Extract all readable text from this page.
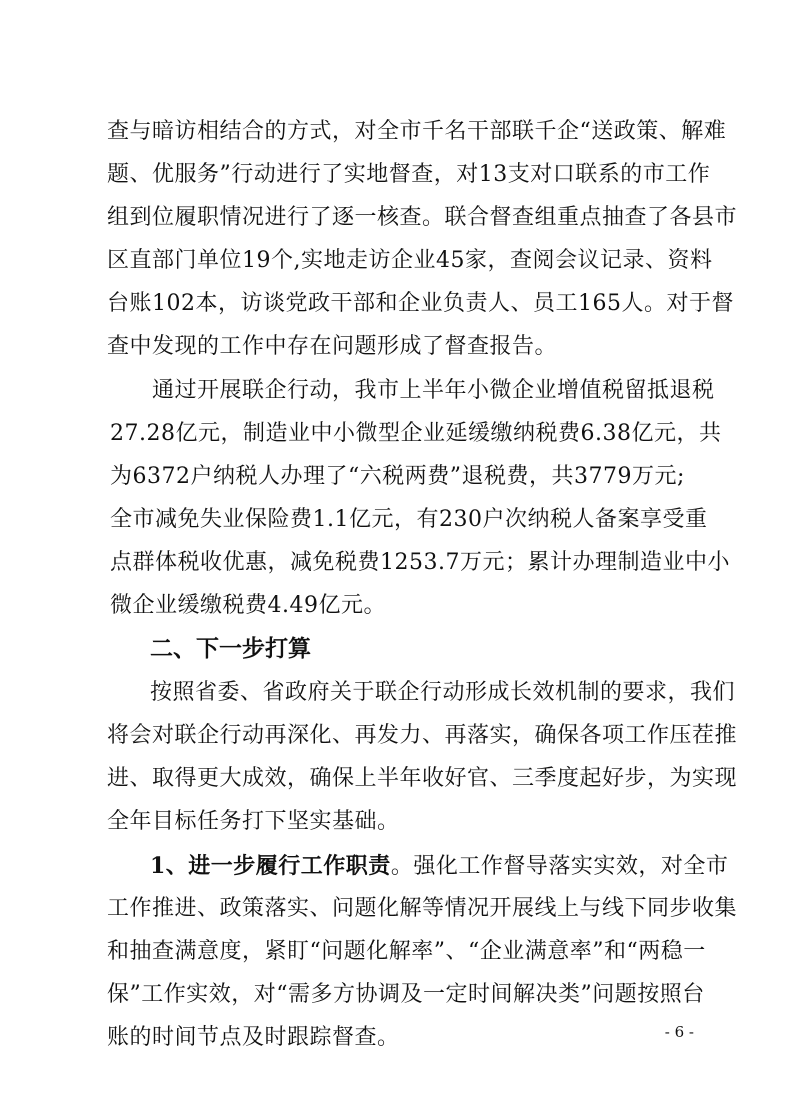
查与暗访相结合的方式，对全市千名干部联千企“送政策、解难
题、优服务”行动进行了实地督查，对13支对口联系的市工作
组到位履职情况进行了逐一核查。联合督查组重点抽查了各县市
区直部门单位19个,实地走访企业45家，查阅会议记录、资料
台账102本，访谈党政干部和企业负责人、员工165人。对于督
查中发现的工作中存在问题形成了督查报告。
通过开展联企行动，我市上半年小微企业增值税留抵退税
27.28亿元，制造业中小微型企业延缓缴纳税费6.38亿元，共
为6372户纳税人办理了“六税两费”退税费，共3779万元;
全市减免失业保险费1.1亿元，有230户次纳税人备案享受重
点群体税收优惠，减免税费1253.7万元；累计办理制造业中小
微企业缓缴税费4.49亿元。
二、下一步打算
按照省委、省政府关于联企行动形成长效机制的要求，我们
将会对联企行动再深化、再发力、再落实，确保各项工作压茬推
进、取得更大成效，确保上半年收好官、三季度起好步，为实现
全年目标任务打下坚实基础。
1、进一步履行工作职责。强化工作督导落实实效，对全市
工作推进、政策落实、问题化解等情况开展线上与线下同步收集
和抽查满意度，紧盯“问题化解率”、“企业满意率”和“两稳一
保”工作实效，对“需多方协调及一定时间解决类”问题按照台
账的时间节点及时跟踪督查。	- 6 -
